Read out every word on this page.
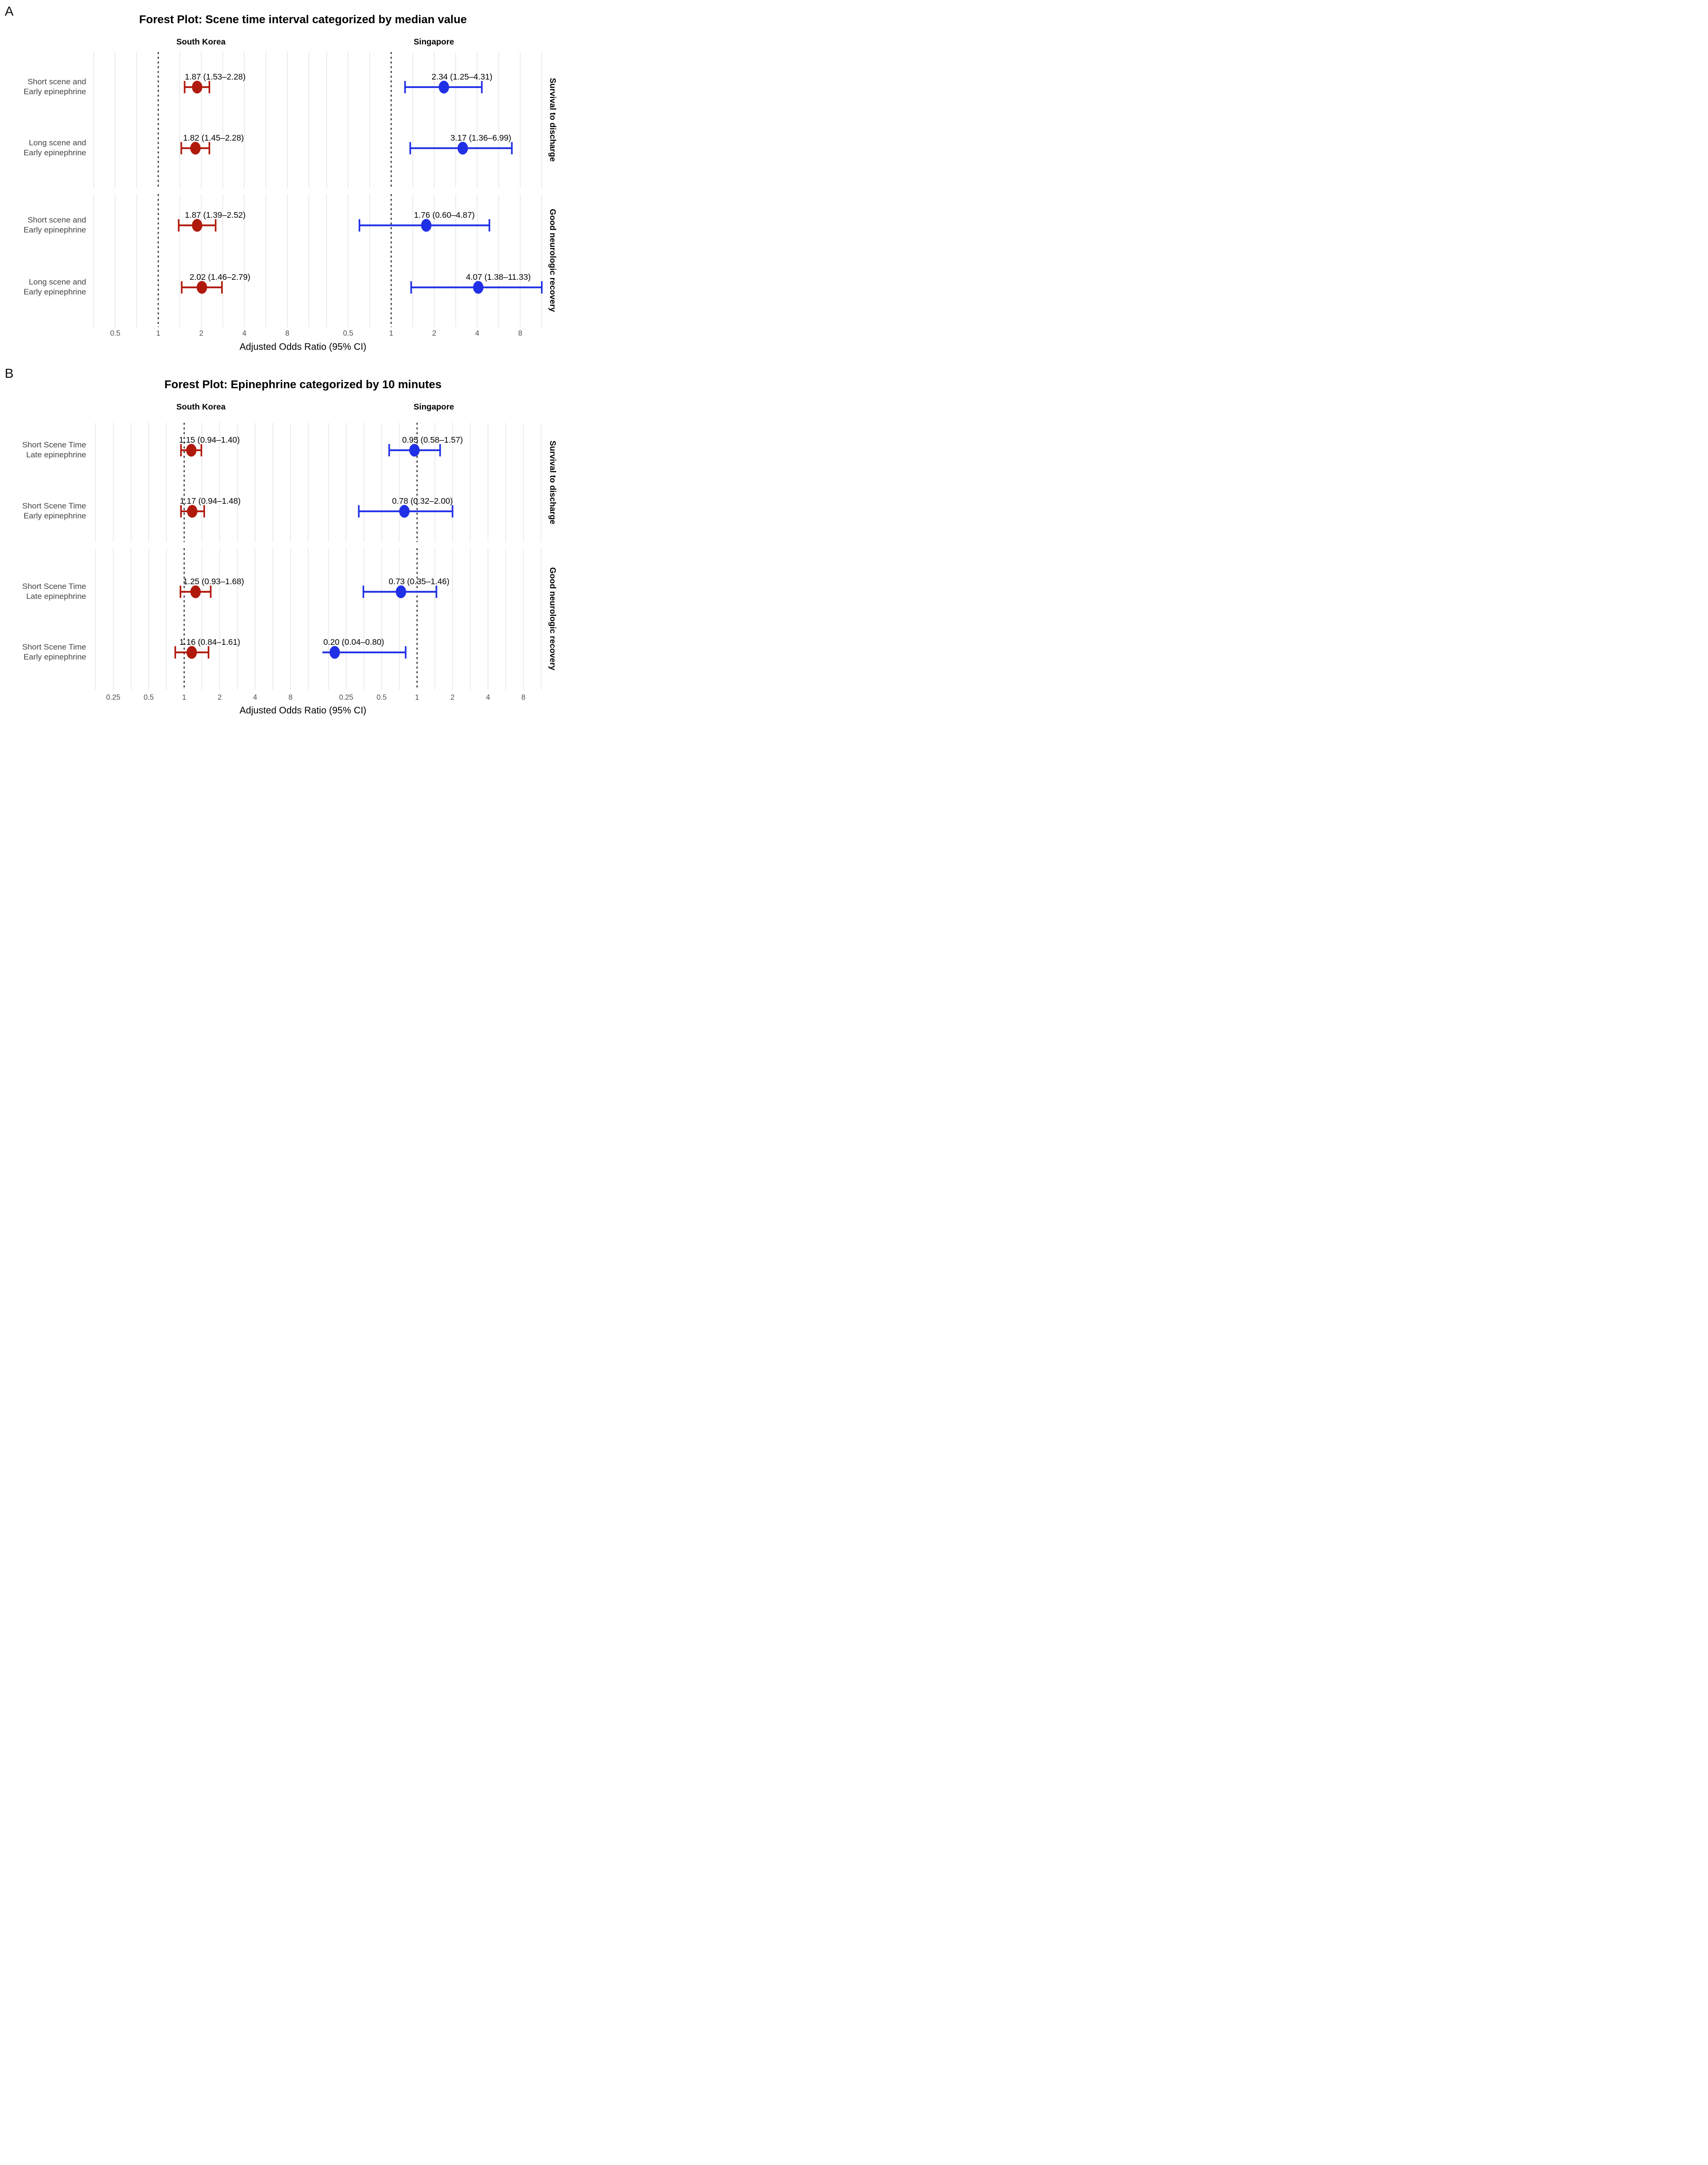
1.87 (1.53–2.28)
1.82 (1.45–2.28)
1.87 (1.39–2.52)
2.02 (1.46–2.79)
0.5	1	2	4	8
2.34 (1.25–4.31)
3.17 (1.36–6.99)
1.76 (0.60–4.87)
4.07 (1.38–11.33)
0.5	1	2	4	8
Short scene and
Early epinephrine
Long scene and
Early epinephrine
Short scene and
Early epinephrine
Long scene and
Early epinephrine
1.15 (0.94–1.40)
1.17 (0.94–1.48)
1.25 (0.93–1.68)
1.16 (0.84–1.61)
0.25	0.5	1	2	4	8
0.95 (0.58–1.57)
0.78 (0.32–2.00)
0.73 (0.35–1.46)
0.20 (0.04–0.80)
0.25	0.5	1	2	4	8
Short Scene Time
Late epinephrine
Short Scene Time
Early epinephrine
Short Scene Time
Late epinephrine
Short Scene Time
Early epinephrine
A
Forest Plot: Scene time interval categorized by median value
South Korea	Singapore
Survival to discharge
Good neurologic recovery
Adjusted Odds Ratio (95% CI)
B
Forest Plot: Epinephrine categorized by 10 minutes
South Korea	Singapore
Survival to discharge
Good neurologic recovery
Adjusted Odds Ratio (95% CI)
